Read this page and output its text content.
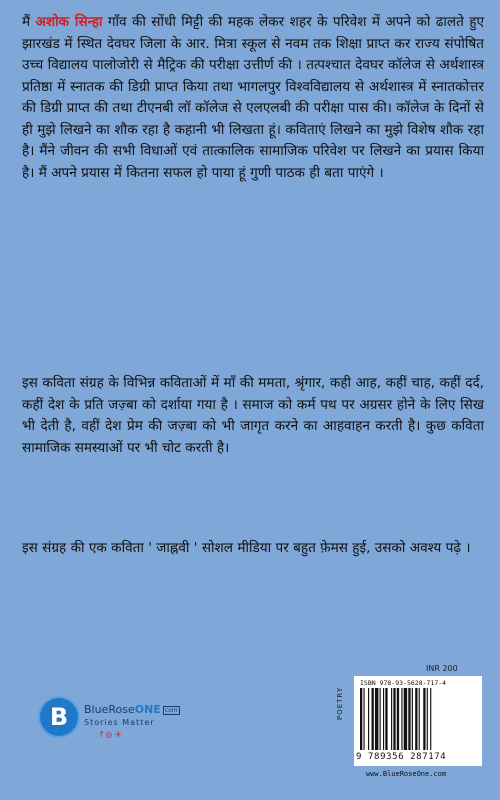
मैं अशोक सिन्हा गाँव की सोंधी मिट्टी की महक लेकर शहर के परिवेश में अपने को ढालते हुए झारखंड में स्थित देवघर जिला के आर. मित्रा स्कूल से नवम तक शिक्षा प्राप्त कर राज्य संपोषित उच्च विद्यालय पालोजोरी से मैट्रिक की परीक्षा उत्तीर्ण की । तत्पश्चात देवघर कॉलेज से अर्थशास्त्र प्रतिष्ठा में स्नातक की डिग्री प्राप्त किया तथा भागलपुर विश्वविद्यालय से अर्थशास्त्र में स्नातकोत्तर की डिग्री प्राप्त की तथा टीएनबी लॉ कॉलेज से एलएलबी की परीक्षा पास की। कॉलेज के दिनों से ही मुझे लिखने का शौक रहा है कहानी भी लिखता हूं। कविताएं लिखने का मुझे विशेष शौक रहा है। मैंने जीवन की सभी विधाओं एवं तात्कालिक सामाजिक परिवेश पर लिखने का प्रयास किया है। मैं अपने प्रयास में कितना सफल हो पाया हूं गुणी पाठक ही बता पाएंगे ।

इस कविता संग्रह के विभिन्न कविताओं में माँ की ममता, श्रृंगार, कही आह, कहीं चाह, कहीं दर्द, कहीं देश के प्रति जज़्बा को दर्शाया गया है । समाज को कर्म पथ पर अग्रसर होने के लिए सिख भी देती है, वहीं देश प्रेम की जज़्बा को भी जागृत करने का आहवाहन करती है। कुछ कविता सामाजिक समस्याओं पर भी चोट करती है।

इस संग्रह की एक कविता ' जाह्नवी ' सोशल मीडिया पर बहुत फ़ेमस हुई, उसको अवश्य पढ़े ।

B	BlueRoseONE com
Stories Matter
f ◎ ✈
INR 200
POETRY
ISBN 978-93-5628-717-4
9 789356 287174
www.BlueRoseOne.com
